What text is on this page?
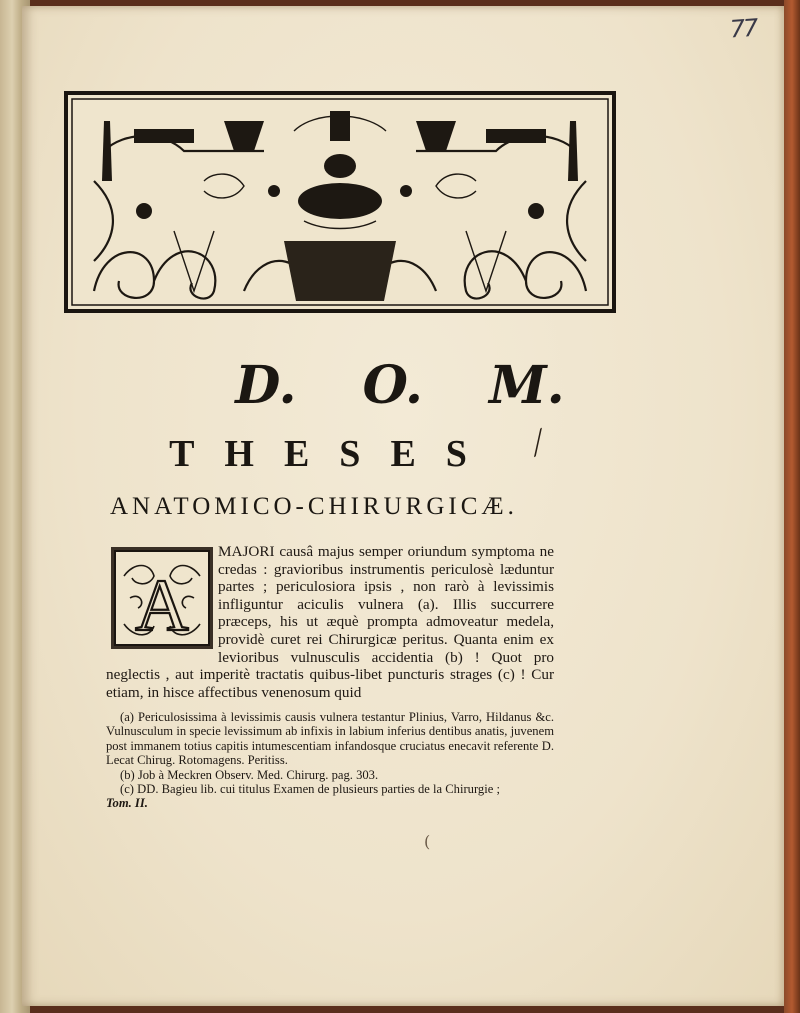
77
D. O. M.
THESES ⟋
ANATOMICO-CHIRURGICÆ.
A
MAJORI causâ majus semper oriundum symptoma ne credas : gravioribus instrumentis periculosè læduntur partes ; periculosiora ipsis , non rarò à levissimis infliguntur aciculis vulnera (a). Illis succurrere præceps, his ut æquè prompta admoveatur medela, providè curet rei Chirurgicæ peritus. Quanta enim ex levioribus vulnusculis accidentia (b) ! Quot pro neglectis , aut imperitè tractatis quibus-libet puncturis strages (c) ! Cur etiam, in hisce affectibus venenosum quid

(a) Periculosissima à levissimis causis vulnera testantur Plinius, Varro, Hildanus &c. Vulnusculum in specie levissimum ab infixis in labium inferius dentibus anatis, juvenem post immanem totius capitis intumescentiam infandosque cruciatus enecavit referente D. Lecat Chirug. Rotomagens. Peritiss.

(b) Job à Meckren Observ. Med. Chirurg. pag. 303.

(c) DD. Bagieu lib. cui titulus Examen de plusieurs parties de la Chirurgie ;

Tom. II.

(
